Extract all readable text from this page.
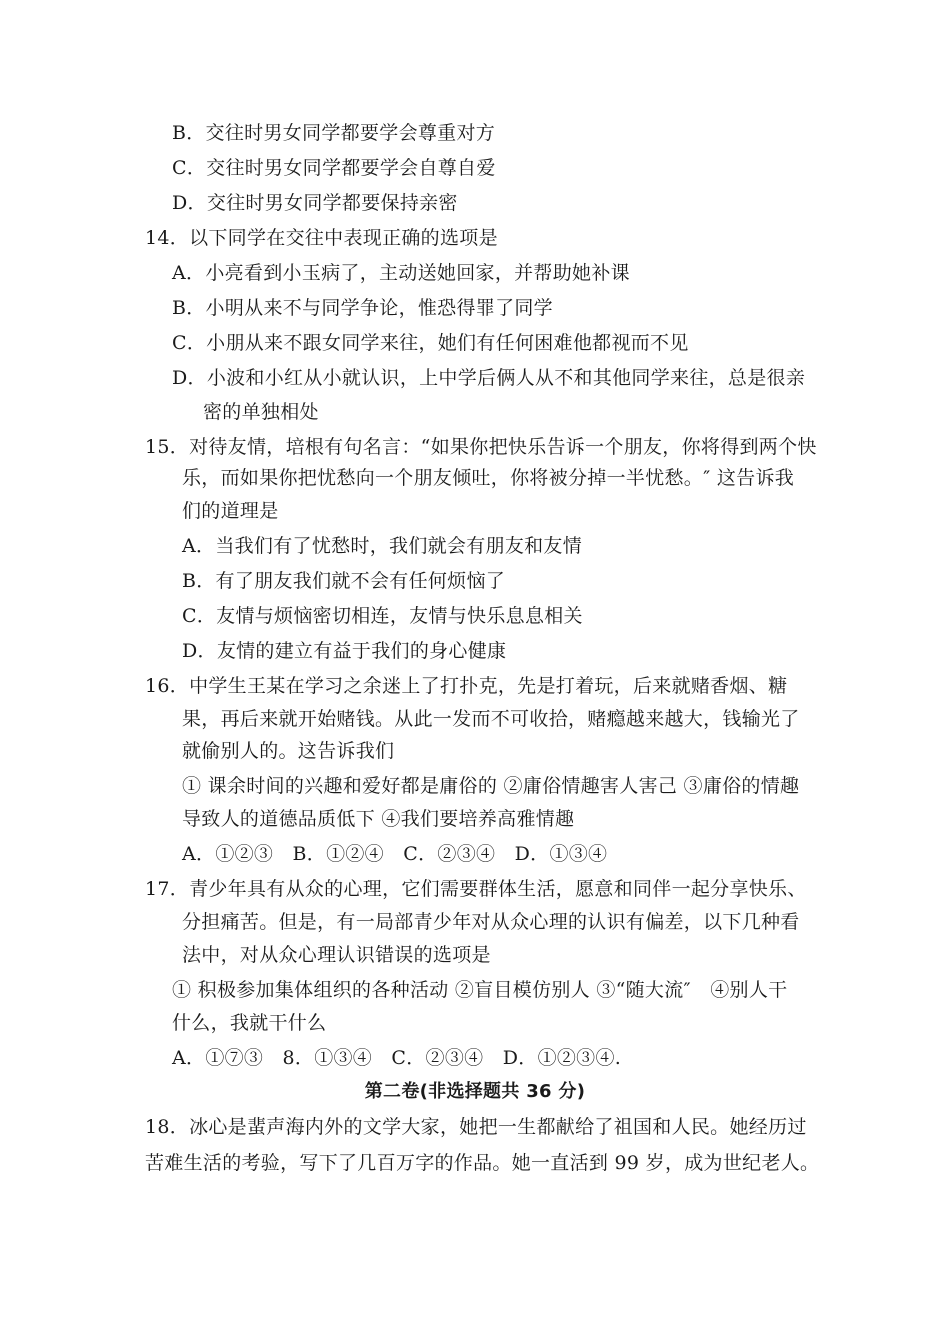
B．交往时男女同学都要学会尊重对方
C．交往时男女同学都要学会自尊自爱
D．交往时男女同学都要保持亲密
14．以下同学在交往中表现正确的选项是
A．小亮看到小玉病了，主动送她回家，并帮助她补课
B．小明从来不与同学争论，惟恐得罪了同学
C．小朋从来不跟女同学来往，她们有任何困难他都视而不见
D．小波和小红从小就认识，上中学后俩人从不和其他同学来往，总是很亲
密的单独相处
15．对待友情，培根有句名言：“如果你把快乐告诉一个朋友，你将得到两个快
乐，而如果你把忧愁向一个朋友倾吐，你将被分掉一半忧愁。″ 这告诉我
们的道理是
A．当我们有了忧愁时，我们就会有朋友和友情
B．有了朋友我们就不会有任何烦恼了
C．友情与烦恼密切相连，友情与快乐息息相关
D．友情的建立有益于我们的身心健康
16．中学生王某在学习之余迷上了打扑克，先是打着玩，后来就赌香烟、糖
果，再后来就开始赌钱。从此一发而不可收拾，赌瘾越来越大，钱输光了
就偷别人的。这告诉我们
① 课余时间的兴趣和爱好都是庸俗的 ②庸俗情趣害人害己 ③庸俗的情趣
导致人的道德品质低下 ④我们要培养高雅情趣
A．①②③　B．①②④　C．②③④　D．①③④
17．青少年具有从众的心理，它们需要群体生活，愿意和同伴一起分享快乐、
分担痛苦。但是，有一局部青少年对从众心理的认识有偏差，以下几种看
法中，对从众心理认识错误的选项是
① 积极参加集体组织的各种活动 ②盲目模仿别人 ③“随大流″　④别人干
什么，我就干什么
A．①⑦③　8．①③④　C．②③④　D．①②③④.
第二卷(非选择题共 36 分)
18．冰心是蜚声海内外的文学大家，她把一生都献给了祖国和人民。她经历过
苦难生活的考验，写下了几百万字的作品。她一直活到 99 岁，成为世纪老人。
